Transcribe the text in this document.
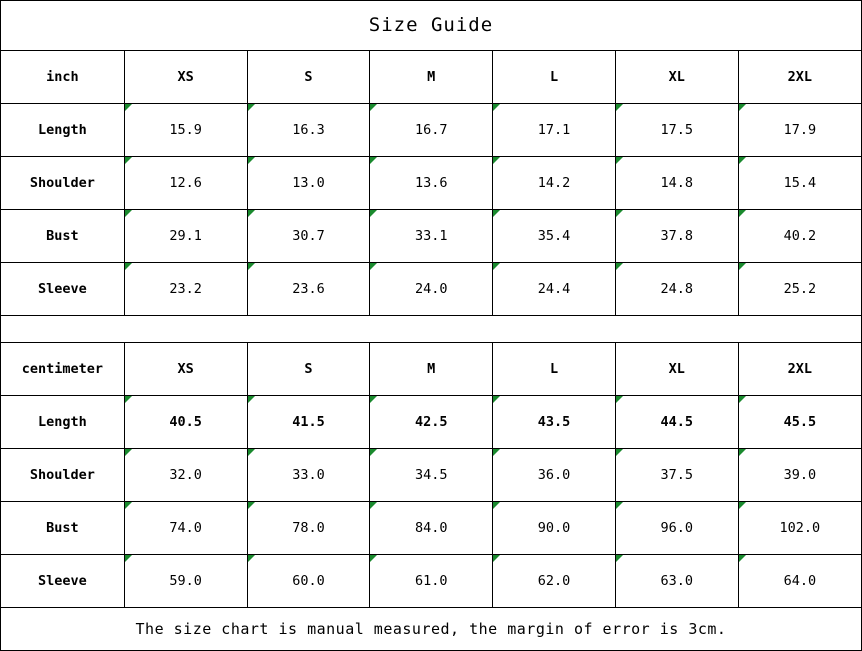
Size Guide
inch	XS	S	M	L	XL	2XL
Length	15.9	16.3	16.7	17.1	17.5	17.9
Shoulder	12.6	13.0	13.6	14.2	14.8	15.4
Bust	29.1	30.7	33.1	35.4	37.8	40.2
Sleeve	23.2	23.6	24.0	24.4	24.8	25.2
centimeter	XS	S	M	L	XL	2XL
Length	40.5	41.5	42.5	43.5	44.5	45.5
Shoulder	32.0	33.0	34.5	36.0	37.5	39.0
Bust	74.0	78.0	84.0	90.0	96.0	102.0
Sleeve	59.0	60.0	61.0	62.0	63.0	64.0
The size chart is manual measured, the margin of error is 3cm.
